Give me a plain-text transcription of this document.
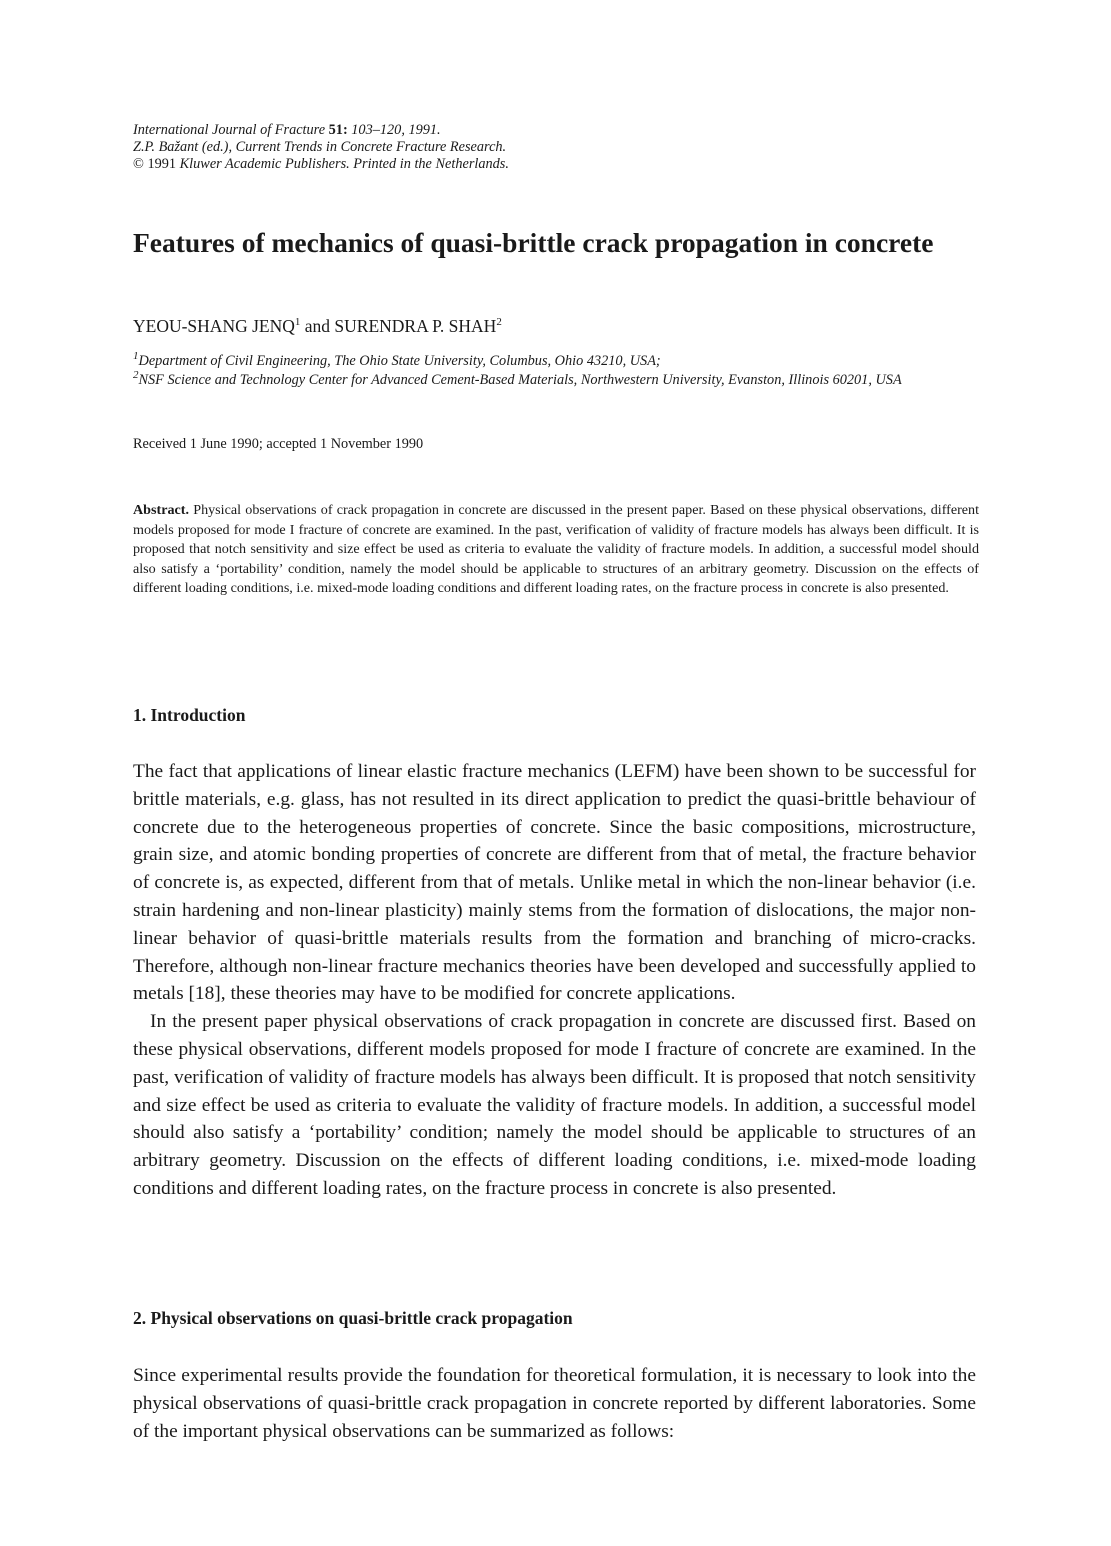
International Journal of Fracture 51: 103–120, 1991.
Z.P. Bažant (ed.), Current Trends in Concrete Fracture Research.
© 1991 Kluwer Academic Publishers. Printed in the Netherlands.
Features of mechanics of quasi-brittle crack propagation in concrete
YEOU-SHANG JENQ$^1$ and SURENDRA P. SHAH$^2$
$^1$Department of Civil Engineering, The Ohio State University, Columbus, Ohio 43210, USA;
$^2$NSF Science and Technology Center for Advanced Cement-Based Materials, Northwestern University, Evanston, Illinois 60201, USA
Received 1 June 1990; accepted 1 November 1990
Abstract. Physical observations of crack propagation in concrete are discussed in the present paper. Based on these physical observations, different models proposed for mode I fracture of concrete are examined. In the past, verification of validity of fracture models has always been difficult. It is proposed that notch sensitivity and size effect be used as criteria to evaluate the validity of fracture models. In addition, a successful model should also satisfy a ‘portability’ condition, namely the model should be applicable to structures of an arbitrary geometry. Discussion on the effects of different loading conditions, i.e. mixed-mode loading conditions and different loading rates, on the fracture process in concrete is also presented.
1. Introduction

The fact that applications of linear elastic fracture mechanics (LEFM) have been shown to be successful for brittle materials, e.g. glass, has not resulted in its direct application to predict the quasi-brittle behaviour of concrete due to the heterogeneous properties of concrete. Since the basic compositions, microstructure, grain size, and atomic bonding properties of concrete are different from that of metal, the fracture behavior of concrete is, as expected, different from that of metals. Unlike metal in which the non-linear behavior (i.e. strain hardening and non-linear plasticity) mainly stems from the formation of dislocations, the major non-linear behavior of quasi-brittle materials results from the formation and branching of micro-cracks. Therefore, although non-linear fracture mechanics theories have been developed and successfully applied to metals [18], these theories may have to be modified for concrete applications.

In the present paper physical observations of crack propagation in concrete are discussed first. Based on these physical observations, different models proposed for mode I fracture of concrete are examined. In the past, verification of validity of fracture models has always been difficult. It is proposed that notch sensitivity and size effect be used as criteria to evaluate the validity of fracture models. In addition, a successful model should also satisfy a ‘portability’ condition; namely the model should be applicable to structures of an arbitrary geometry. Discussion on the effects of different loading conditions, i.e. mixed-mode loading conditions and different loading rates, on the fracture process in concrete is also presented.

2. Physical observations on quasi-brittle crack propagation

Since experimental results provide the foundation for theoretical formulation, it is necessary to look into the physical observations of quasi-brittle crack propagation in concrete reported by different laboratories. Some of the important physical observations can be summarized as follows:
